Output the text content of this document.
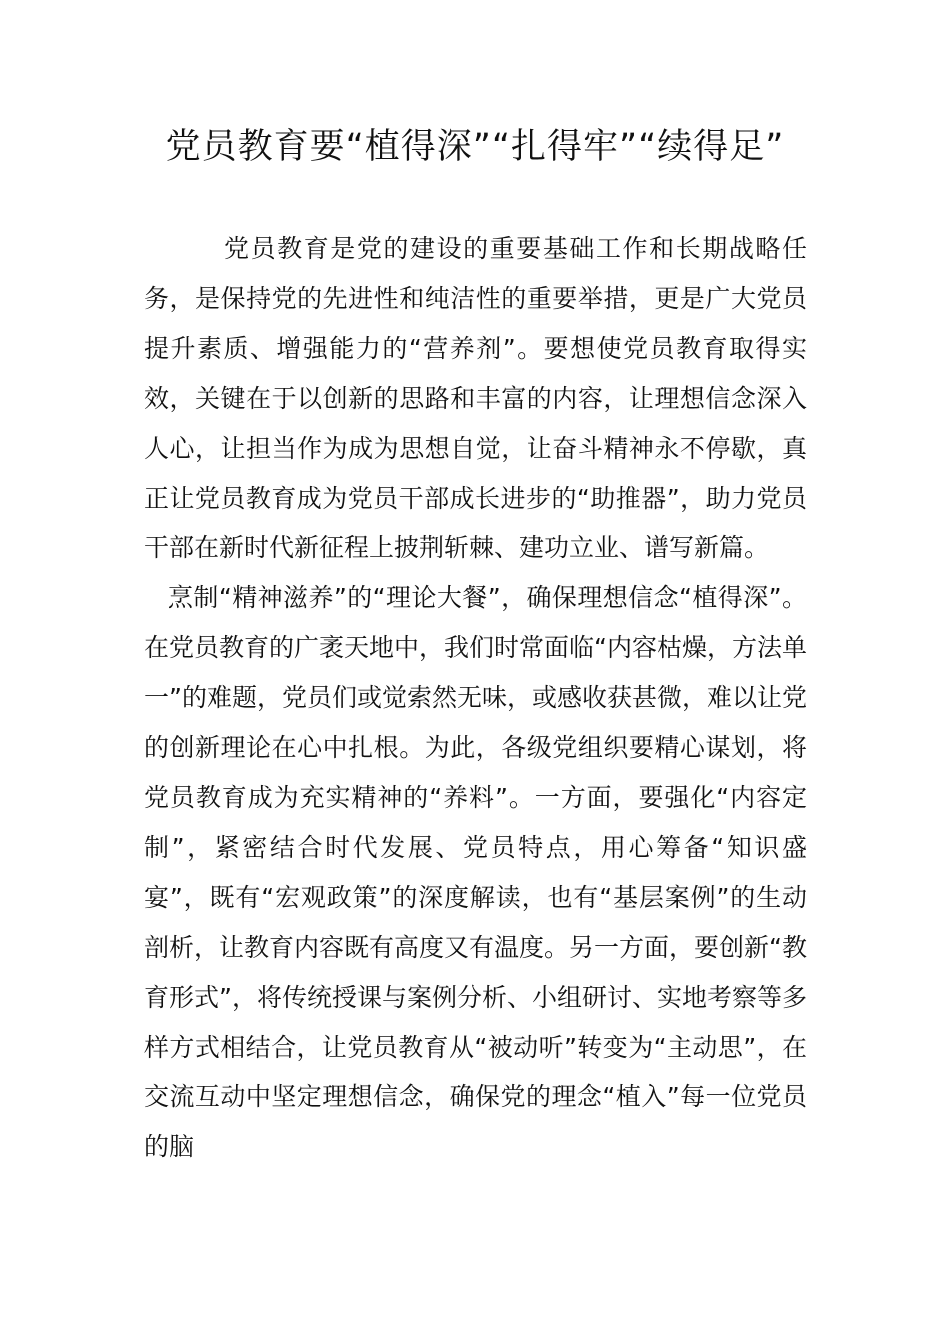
党员教育要“植得深”“扎得牢”“续得足”

党员教育是党的建设的重要基础工作和长期战略任务，是保持党的先进性和纯洁性的重要举措，更是广大党员提升素质、增强能力的“营养剂”。要想使党员教育取得实效，关键在于以创新的思路和丰富的内容，让理想信念深入人心，让担当作为成为思想自觉，让奋斗精神永不停歇，真正让党员教育成为党员干部成长进步的“助推器”，助力党员干部在新时代新征程上披荆斩棘、建功立业、谱写新篇。

烹制“精神滋养”的“理论大餐”，确保理想信念“植得深”。在党员教育的广袤天地中，我们时常面临“内容枯燥，方法单一”的难题，党员们或觉索然无味，或感收获甚微，难以让党的创新理论在心中扎根。为此，各级党组织要精心谋划，将党员教育成为充实精神的“养料”。一方面，要强化“内容定制”，紧密结合时代发展、党员特点，用心筹备“知识盛宴”，既有“宏观政策”的深度解读，也有“基层案例”的生动剖析，让教育内容既有高度又有温度。另一方面，要创新“教育形式”，将传统授课与案例分析、小组研讨、实地考察等多样方式相结合，让党员教育从“被动听”转变为“主动思”，在交流互动中坚定理想信念，确保党的理念“植入”每一位党员的脑
